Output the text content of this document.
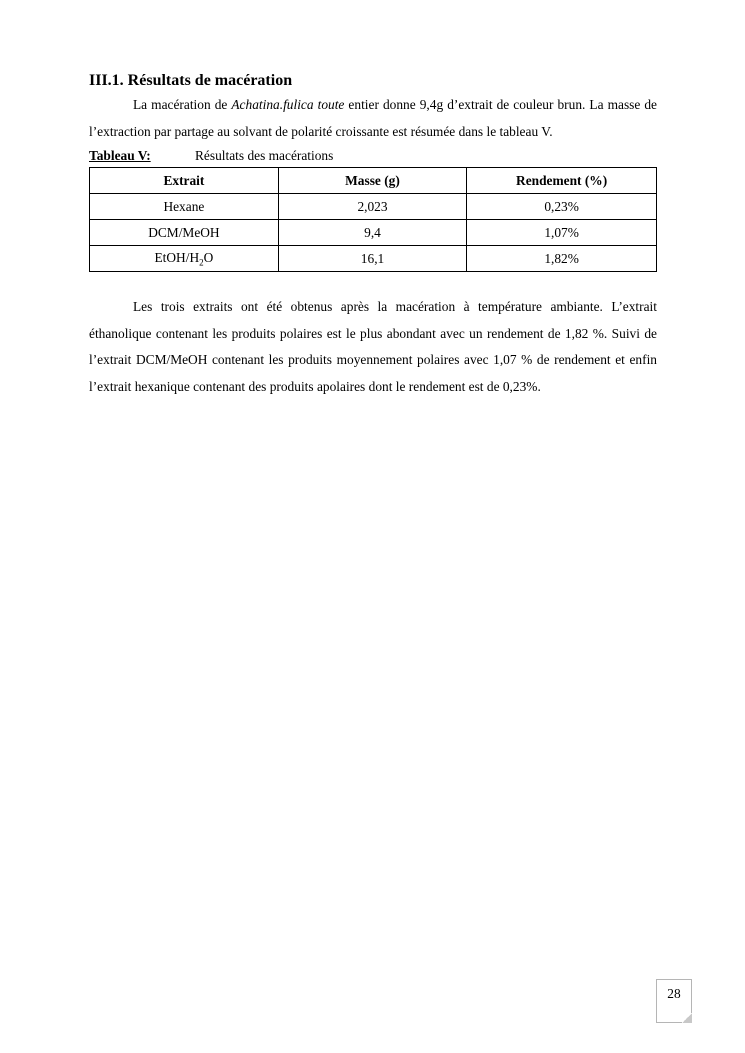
III.1. Résultats de macération

La macération de Achatina.fulica toute entier donne 9,4g d’extrait de couleur brun. La masse de l’extraction par partage au solvant de polarité croissante est résumée dans le tableau V.

Tableau V:	Résultats des macérations
Extrait	Masse (g)	Rendement (%)
Hexane	2,023	0,23%
DCM/MeOH	9,4	1,07%
EtOH/$H_2O$	16,1	1,82%

Les trois extraits ont été obtenus après la macération à température ambiante. L’extrait éthanolique contenant les produits polaires est le plus abondant avec un rendement de 1,82 %. Suivi de l’extrait DCM/MeOH contenant les produits moyennement polaires avec 1,07 % de rendement et enfin l’extrait hexanique contenant des produits apolaires dont le rendement est de 0,23%.

28
